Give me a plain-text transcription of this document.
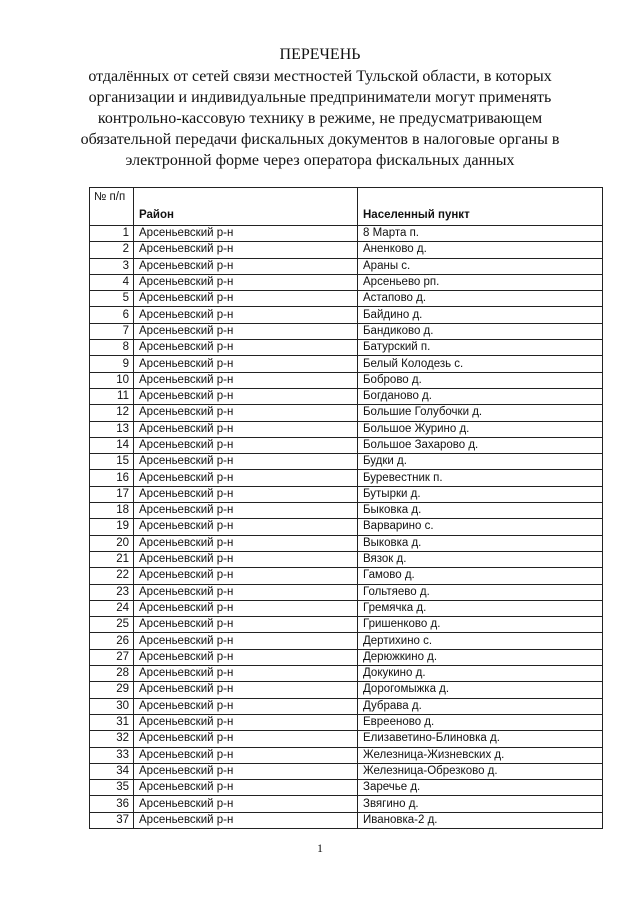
ПЕРЕЧЕНЬ
отдалённых от сетей связи местностей Тульской области, в которых
организации и индивидуальные предприниматели могут применять
контрольно-кассовую технику в режиме, не предусматривающем
обязательной передачи фискальных документов в налоговые органы в
электронной форме через оператора фискальных данных
№ п/п	Район	Населенный пункт
1	Арсеньевский р-н	8 Марта п.
2	Арсеньевский р-н	Аненково д.
3	Арсеньевский р-н	Араны с.
4	Арсеньевский р-н	Арсеньево рп.
5	Арсеньевский р-н	Астапово д.
6	Арсеньевский р-н	Байдино д.
7	Арсеньевский р-н	Бандиково д.
8	Арсеньевский р-н	Батурский п.
9	Арсеньевский р-н	Белый Колодезь с.
10	Арсеньевский р-н	Боброво д.
11	Арсеньевский р-н	Богданово д.
12	Арсеньевский р-н	Большие Голубочки д.
13	Арсеньевский р-н	Большое Журино д.
14	Арсеньевский р-н	Большое Захарово д.
15	Арсеньевский р-н	Будки д.
16	Арсеньевский р-н	Буревестник п.
17	Арсеньевский р-н	Бутырки д.
18	Арсеньевский р-н	Быковка д.
19	Арсеньевский р-н	Варварино с.
20	Арсеньевский р-н	Выковка д.
21	Арсеньевский р-н	Вязок д.
22	Арсеньевский р-н	Гамово д.
23	Арсеньевский р-н	Гольтяево д.
24	Арсеньевский р-н	Гремячка д.
25	Арсеньевский р-н	Гришенково д.
26	Арсеньевский р-н	Дертихино с.
27	Арсеньевский р-н	Дерюжкино д.
28	Арсеньевский р-н	Докукино д.
29	Арсеньевский р-н	Дорогомыжка д.
30	Арсеньевский р-н	Дубрава д.
31	Арсеньевский р-н	Еврееново д.
32	Арсеньевский р-н	Елизаветино-Блиновка д.
33	Арсеньевский р-н	Железница-Жизневских д.
34	Арсеньевский р-н	Железница-Обрезково д.
35	Арсеньевский р-н	Заречье д.
36	Арсеньевский р-н	Звягино д.
37	Арсеньевский р-н	Ивановка-2 д.
1
